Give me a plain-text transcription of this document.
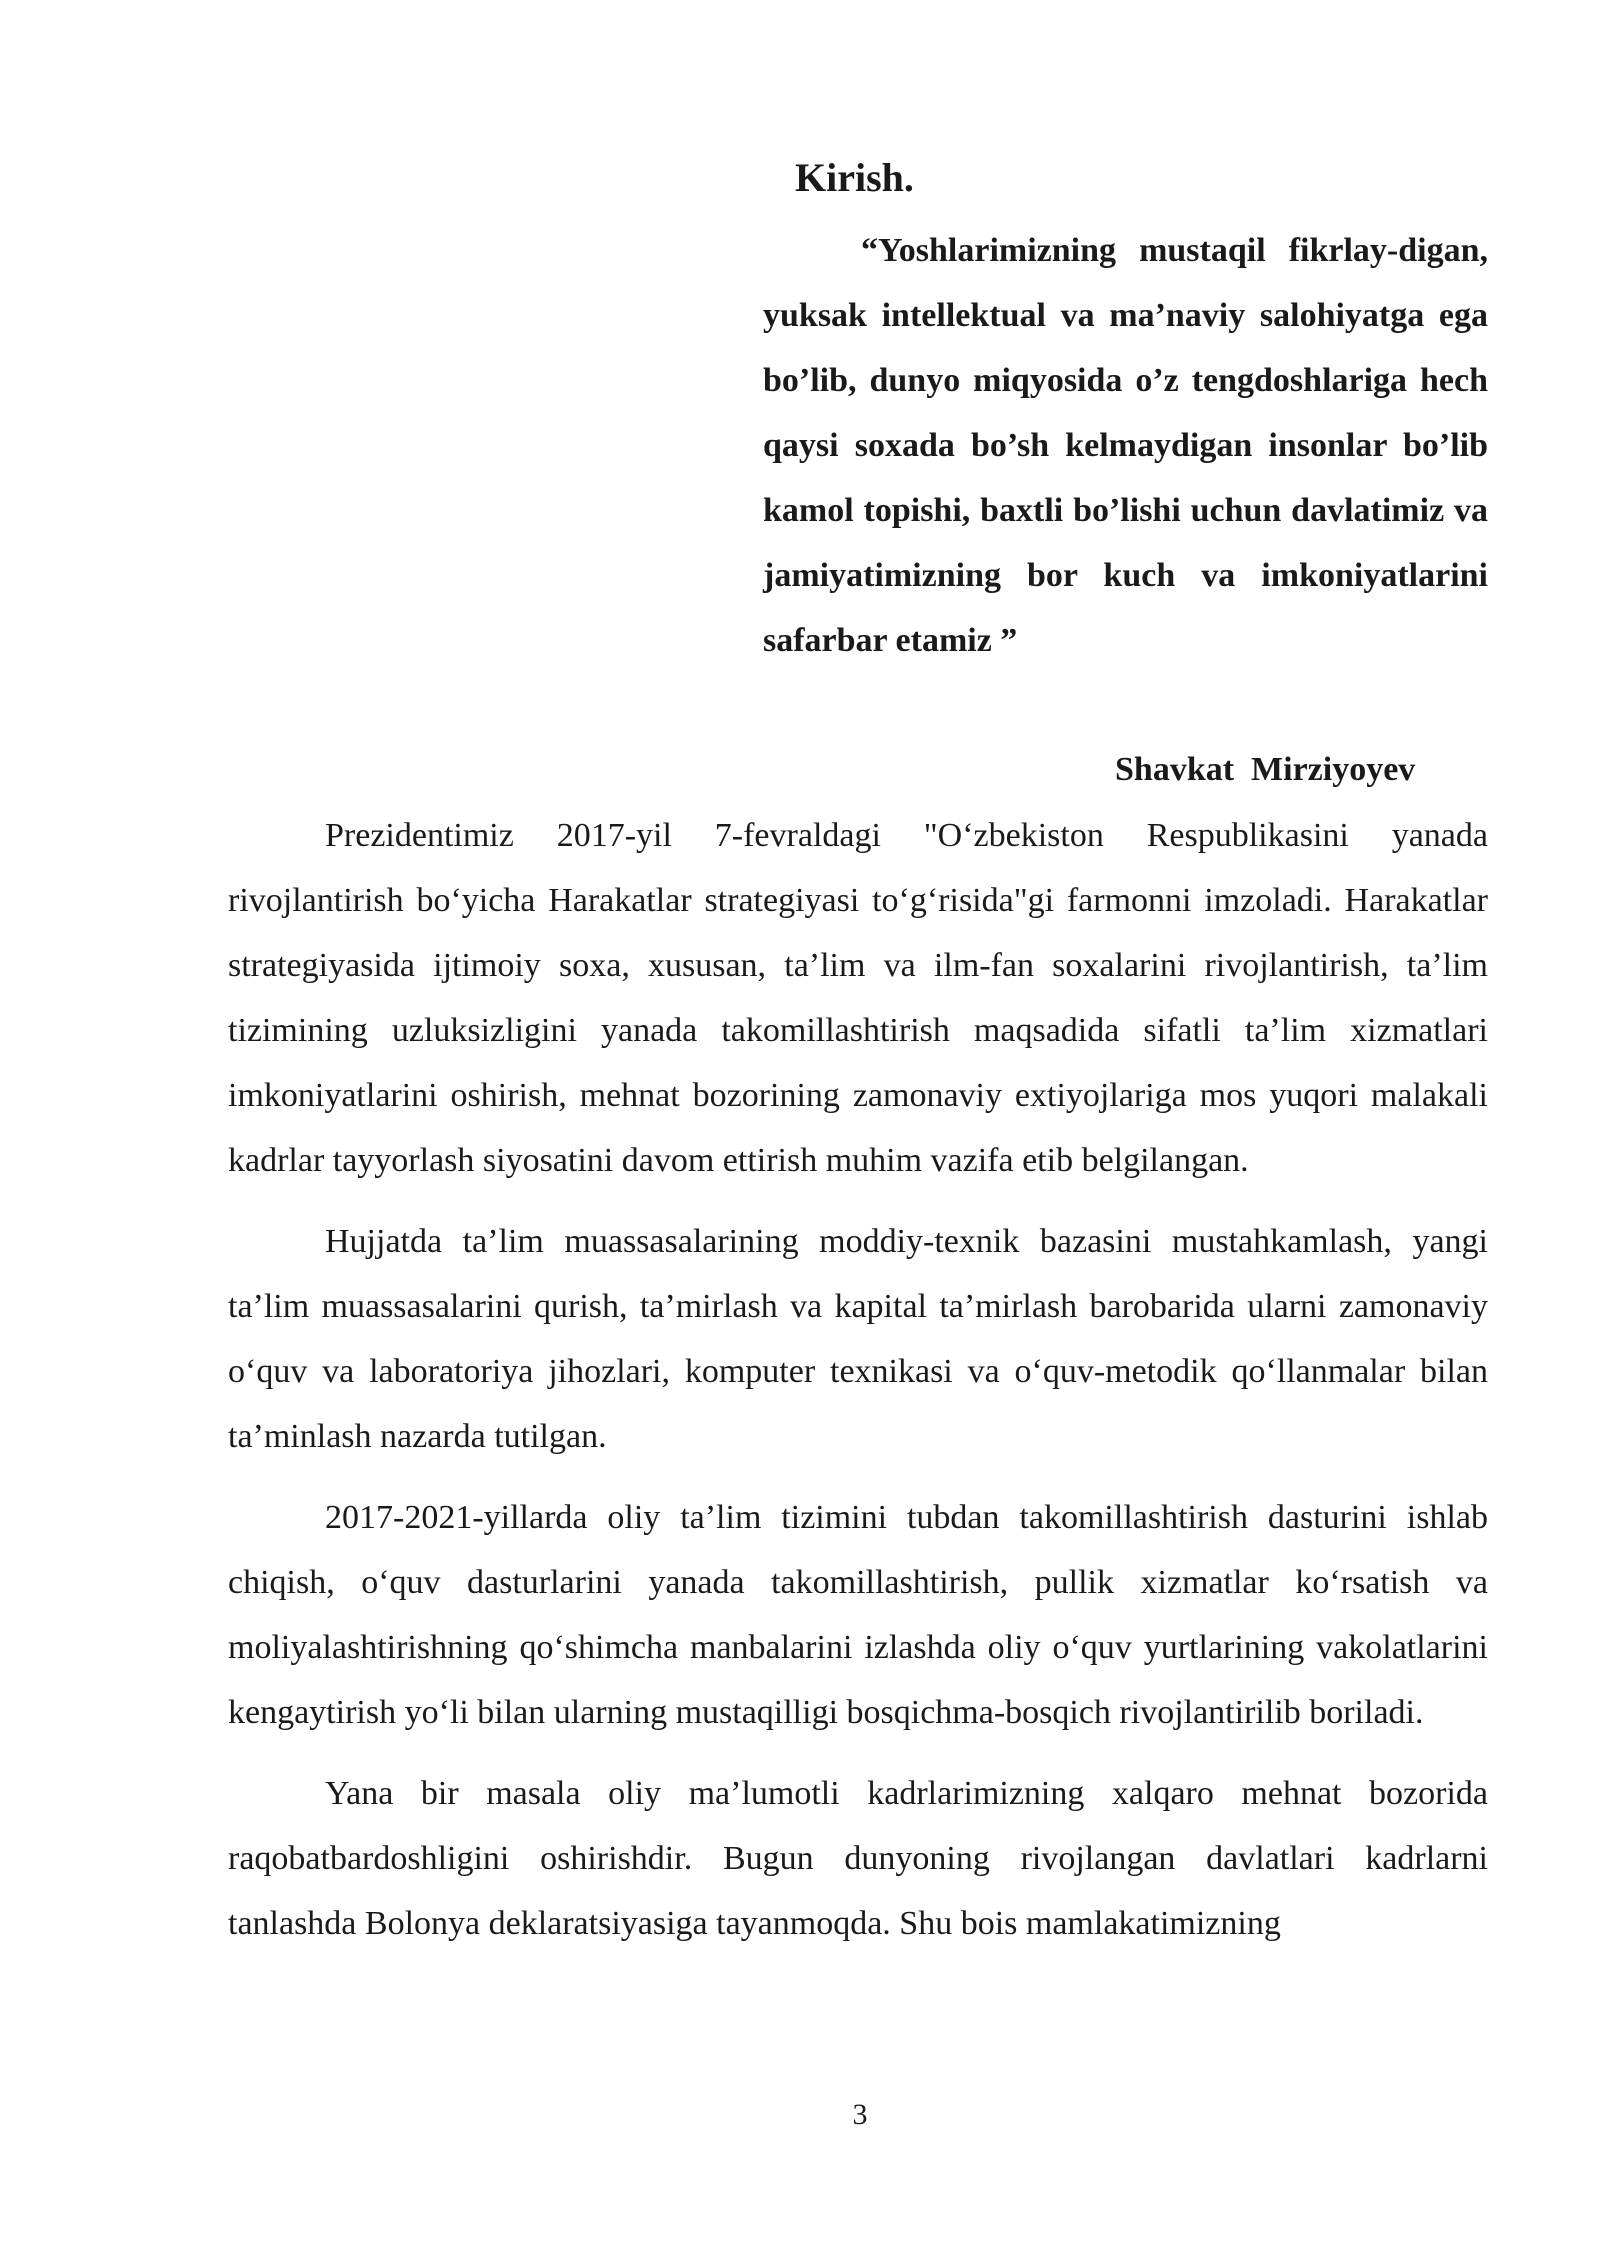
Kirish.

“Yoshlarimizning mustaqil fikrlay-digan, yuksak intellektual va ma’naviy salohiyatga ega bo’lib, dunyo miqyosida o’z tengdoshlariga hech qaysi soxada bo’sh kelmaydigan insonlar bo’lib kamol topishi, baxtli bo’lishi uchun davlatimiz va jamiyatimizning bor kuch va imkoniyatlarini safarbar etamiz ”

Shavkat  Mirziyoyev

Prezidentimiz 2017-yil 7-fevraldagi "O‘zbekiston Respublikasini yanada rivojlantirish bo‘yicha Harakatlar strategiyasi to‘g‘risida"gi farmonni imzoladi. Harakatlar strategiyasida ijtimoiy soxa, xususan, ta’lim va ilm-fan soxalarini rivojlantirish, ta’lim tizimining uzluksizligini yanada takomillashtirish maqsadida sifatli ta’lim xizmatlari imkoniyatlarini oshirish, mehnat bozorining zamonaviy extiyojlariga mos yuqori malakali kadrlar tayyorlash siyosatini davom ettirish muhim vazifa etib belgilangan.

Hujjatda ta’lim muassasalarining moddiy-texnik bazasini mustahkamlash, yangi ta’lim muassasalarini qurish, ta’mirlash va kapital ta’mirlash barobarida ularni zamonaviy o‘quv va laboratoriya jihozlari, komputer texnikasi va o‘quv-metodik qo‘llanmalar bilan ta’minlash nazarda tutilgan.

2017-2021-yillarda oliy ta’lim tizimini tubdan takomillashtirish dasturini ishlab chiqish, o‘quv dasturlarini yanada takomillashtirish, pullik xizmatlar ko‘rsatish va moliyalashtirishning qo‘shimcha manbalarini izlashda oliy o‘quv yurtlarining vakolatlarini kengaytirish yo‘li bilan ularning mustaqilligi bosqichma-bosqich rivojlantirilib boriladi.

Yana bir masala oliy ma’lumotli kadrlarimizning xalqaro mehnat bozorida raqobatbardoshligini oshirishdir. Bugun dunyoning rivojlangan davlatlari kadrlarni tanlashda Bolonya deklaratsiyasiga tayanmoqda. Shu bois mamlakatimizning

3
